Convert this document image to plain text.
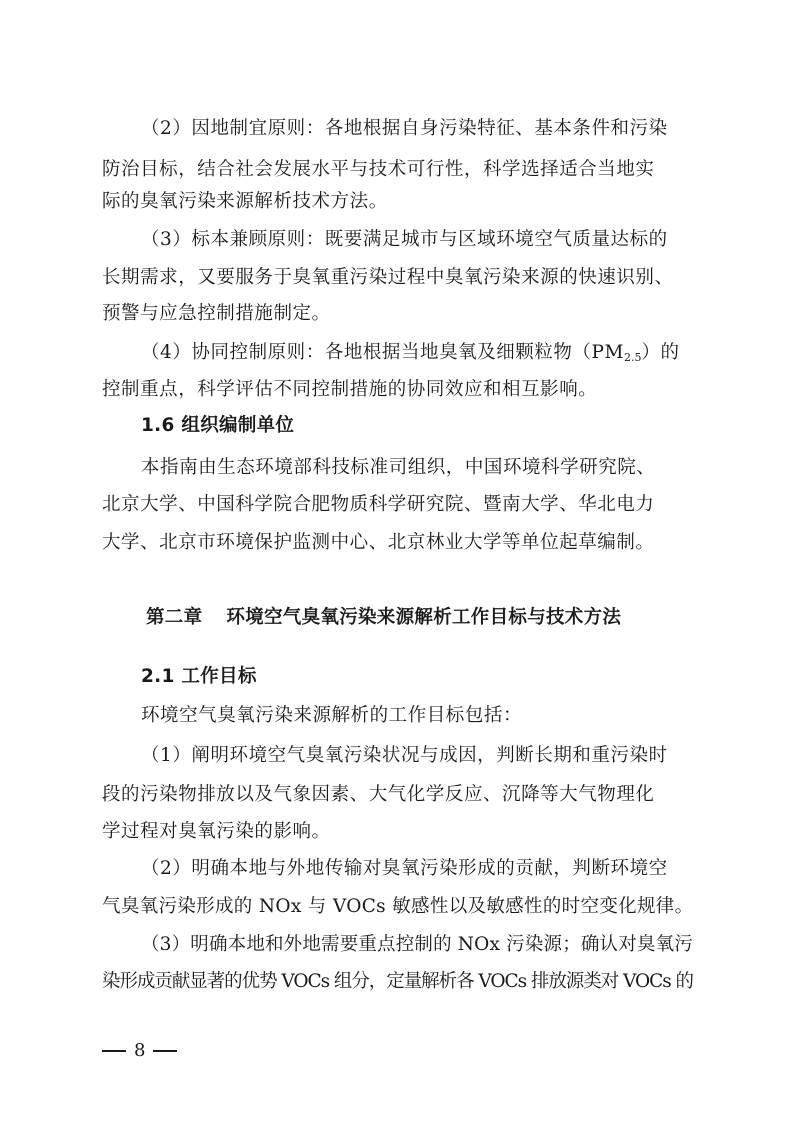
（2）因地制宜原则：各地根据自身污染特征、基本条件和污染
防治目标，结合社会发展水平与技术可行性，科学选择适合当地实
际的臭氧污染来源解析技术方法。
（3）标本兼顾原则：既要满足城市与区域环境空气质量达标的
长期需求，又要服务于臭氧重污染过程中臭氧污染来源的快速识别、
预警与应急控制措施制定。
（4）协同控制原则：各地根据当地臭氧及细颗粒物$(PM_{2.5})$的
控制重点，科学评估不同控制措施的协同效应和相互影响。
1.6 组织编制单位
本指南由生态环境部科技标准司组织，中国环境科学研究院、
北京大学、中国科学院合肥物质科学研究院、暨南大学、华北电力
大学、北京市环境保护监测中心、北京林业大学等单位起草编制。
第二章 环境空气臭氧污染来源解析工作目标与技术方法
2.1 工作目标
环境空气臭氧污染来源解析的工作目标包括：
（1）阐明环境空气臭氧污染状况与成因，判断长期和重污染时
段的污染物排放以及气象因素、大气化学反应、沉降等大气物理化
学过程对臭氧污染的影响。
（2）明确本地与外地传输对臭氧污染形成的贡献，判断环境空
气臭氧污染形成的 NOx 与 VOCs 敏感性以及敏感性的时空变化规律。
（3）明确本地和外地需要重点控制的 NOx 污染源；确认对臭氧污
染形成贡献显著的优势 VOCs 组分，定量解析各 VOCs 排放源类对 VOCs 的
8
